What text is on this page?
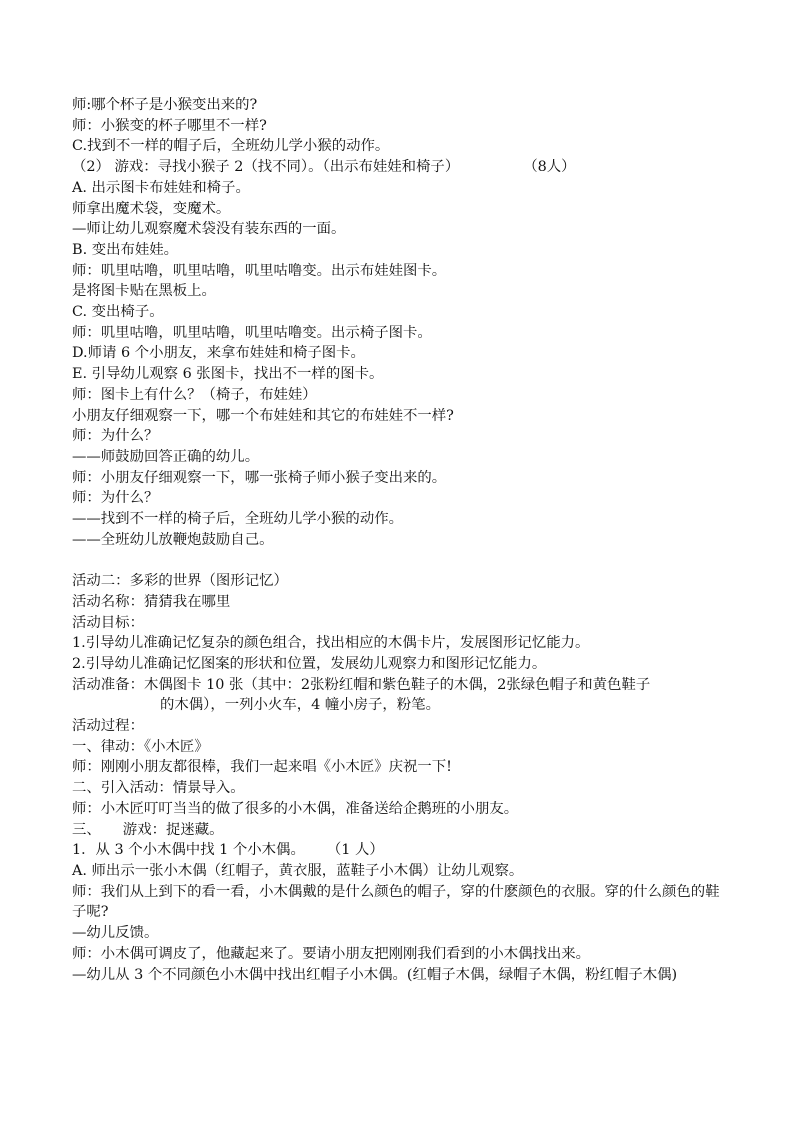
师:哪个杯子是小猴变出来的?
师：小猴变的杯子哪里不一样?
C.找到不一样的帽子后，全班幼儿学小猴的动作。
（2） 游戏：寻找小猴子 2（找不同）。（出示布娃娃和椅子）	（8人）
A. 出示图卡布娃娃和椅子。
师拿出魔术袋，变魔术。
—师让幼儿观察魔术袋没有装东西的一面。
B. 变出布娃娃。
师：叽里咕噜，叽里咕噜，叽里咕噜变。出示布娃娃图卡。
是将图卡贴在黑板上。
C. 变出椅子。
师：叽里咕噜，叽里咕噜，叽里咕噜变。出示椅子图卡。
D.师请 6 个小朋友，来拿布娃娃和椅子图卡。
E. 引导幼儿观察 6 张图卡，找出不一样的图卡。
师：图卡上有什么？（椅子，布娃娃）
小朋友仔细观察一下，哪一个布娃娃和其它的布娃娃不一样?
师：为什么？
——师鼓励回答正确的幼儿。
师：小朋友仔细观察一下，哪一张椅子师小猴子变出来的。
师：为什么？
——找到不一样的椅子后，全班幼儿学小猴的动作。
——全班幼儿放鞭炮鼓励自己。
活动二：多彩的世界（图形记忆）
活动名称：猜猜我在哪里
活动目标：
1.引导幼儿准确记忆复杂的颜色组合，找出相应的木偶卡片，发展图形记忆能力。
2.引导幼儿准确记忆图案的形状和位置，发展幼儿观察力和图形记忆能力。
活动准备：木偶图卡 10 张（其中：2张粉红帽和紫色鞋子的木偶，2张绿色帽子和黄色鞋子
的木偶），一列小火车，4 幢小房子，粉笔。
活动过程：
一、律动：《小木匠》
师：刚刚小朋友都很棒，我们一起来唱《小木匠》庆祝一下!
二、引入活动：情景导入。
师：小木匠叮叮当当的做了很多的小木偶，准备送给企鹅班的小朋友。
三、 游戏：捉迷藏。
1．从 3 个小木偶中找 1 个小木偶。 （1 人）
A. 师出示一张小木偶（红帽子，黄衣服，蓝鞋子小木偶）让幼儿观察。
师：我们从上到下的看一看，小木偶戴的是什么颜色的帽子，穿的什麽颜色的衣服。穿的什么颜色的鞋子呢?
—幼儿反馈。
师：小木偶可调皮了，他藏起来了。要请小朋友把刚刚我们看到的小木偶找出来。
—幼儿从 3 个不同颜色小木偶中找出红帽子小木偶。(红帽子木偶，绿帽子木偶，粉红帽子木偶)
